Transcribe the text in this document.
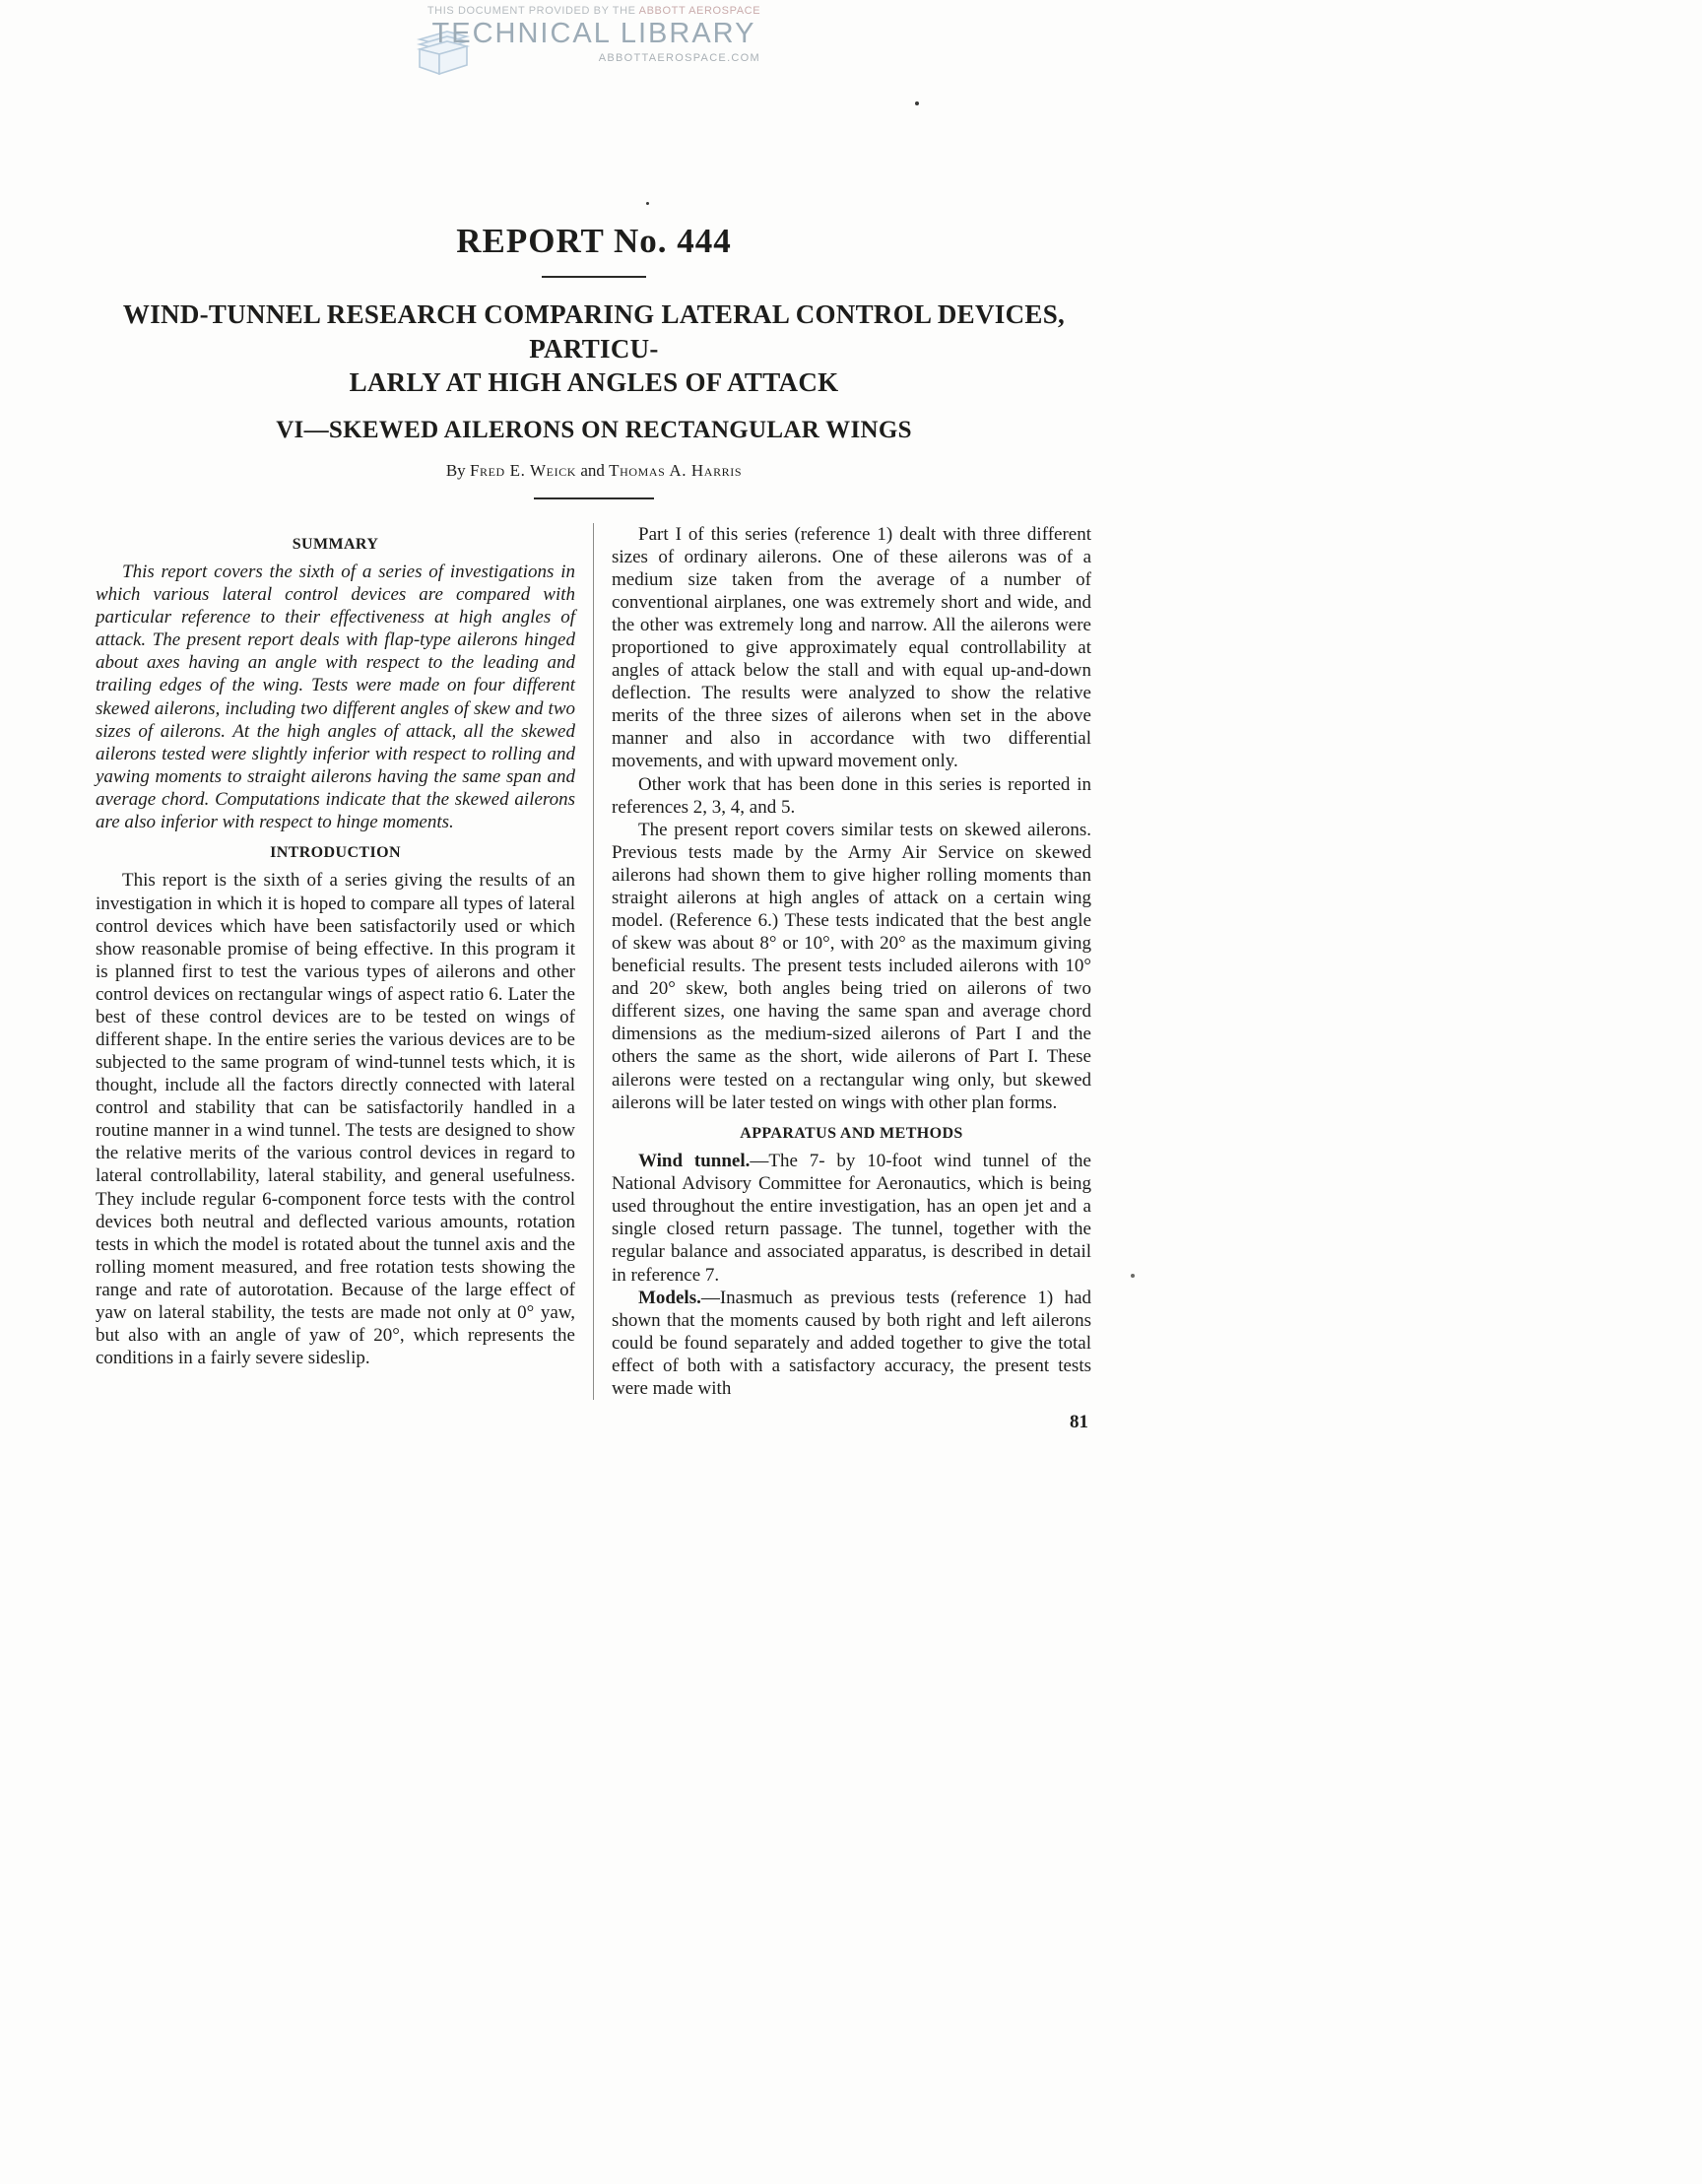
THIS DOCUMENT PROVIDED BY THE ABBOTT AEROSPACE
TECHNICAL LIBRARY
ABBOTTAEROSPACE.COM
REPORT No. 444
WIND-TUNNEL RESEARCH COMPARING LATERAL CONTROL DEVICES, PARTICU-
LARLY AT HIGH ANGLES OF ATTACK
VI—SKEWED AILERONS ON RECTANGULAR WINGS
By Fred E. Weick and Thomas A. Harris
SUMMARY

This report covers the sixth of a series of investigations in which various lateral control devices are compared with particular reference to their effectiveness at high angles of attack. The present report deals with flap-type ailerons hinged about axes having an angle with respect to the leading and trailing edges of the wing. Tests were made on four different skewed ailerons, including two different angles of skew and two sizes of ailerons. At the high angles of attack, all the skewed ailerons tested were slightly inferior with respect to rolling and yawing moments to straight ailerons having the same span and average chord. Computations indicate that the skewed ailerons are also inferior with respect to hinge moments.

INTRODUCTION

This report is the sixth of a series giving the results of an investigation in which it is hoped to compare all types of lateral control devices which have been satisfactorily used or which show reasonable promise of being effective. In this program it is planned first to test the various types of ailerons and other control devices on rectangular wings of aspect ratio 6. Later the best of these control devices are to be tested on wings of different shape. In the entire series the various devices are to be subjected to the same program of wind-tunnel tests which, it is thought, include all the factors directly connected with lateral control and stability that can be satisfactorily handled in a routine manner in a wind tunnel. The tests are designed to show the relative merits of the various control devices in regard to lateral controllability, lateral stability, and general usefulness. They include regular 6-component force tests with the control devices both neutral and deflected various amounts, rotation tests in which the model is rotated about the tunnel axis and the rolling moment measured, and free rotation tests showing the range and rate of autorotation. Because of the large effect of yaw on lateral stability, the tests are made not only at 0° yaw, but also with an angle of yaw of 20°, which represents the conditions in a fairly severe sideslip.

Part I of this series (reference 1) dealt with three different sizes of ordinary ailerons. One of these ailerons was of a medium size taken from the average of a number of conventional airplanes, one was extremely short and wide, and the other was extremely long and narrow. All the ailerons were proportioned to give approximately equal controllability at angles of attack below the stall and with equal up-and-down deflection. The results were analyzed to show the relative merits of the three sizes of ailerons when set in the above manner and also in accordance with two differential movements, and with upward movement only.

Other work that has been done in this series is reported in references 2, 3, 4, and 5.

The present report covers similar tests on skewed ailerons. Previous tests made by the Army Air Service on skewed ailerons had shown them to give higher rolling moments than straight ailerons at high angles of attack on a certain wing model. (Reference 6.) These tests indicated that the best angle of skew was about 8° or 10°, with 20° as the maximum giving beneficial results. The present tests included ailerons with 10° and 20° skew, both angles being tried on ailerons of two different sizes, one having the same span and average chord dimensions as the medium-sized ailerons of Part I and the others the same as the short, wide ailerons of Part I. These ailerons were tested on a rectangular wing only, but skewed ailerons will be later tested on wings with other plan forms.

APPARATUS AND METHODS

Wind tunnel.—The 7- by 10-foot wind tunnel of the National Advisory Committee for Aeronautics, which is being used throughout the entire investigation, has an open jet and a single closed return passage. The tunnel, together with the regular balance and associated apparatus, is described in detail in reference 7.

Models.—Inasmuch as previous tests (reference 1) had shown that the moments caused by both right and left ailerons could be found separately and added together to give the total effect of both with a satisfactory accuracy, the present tests were made with

81
